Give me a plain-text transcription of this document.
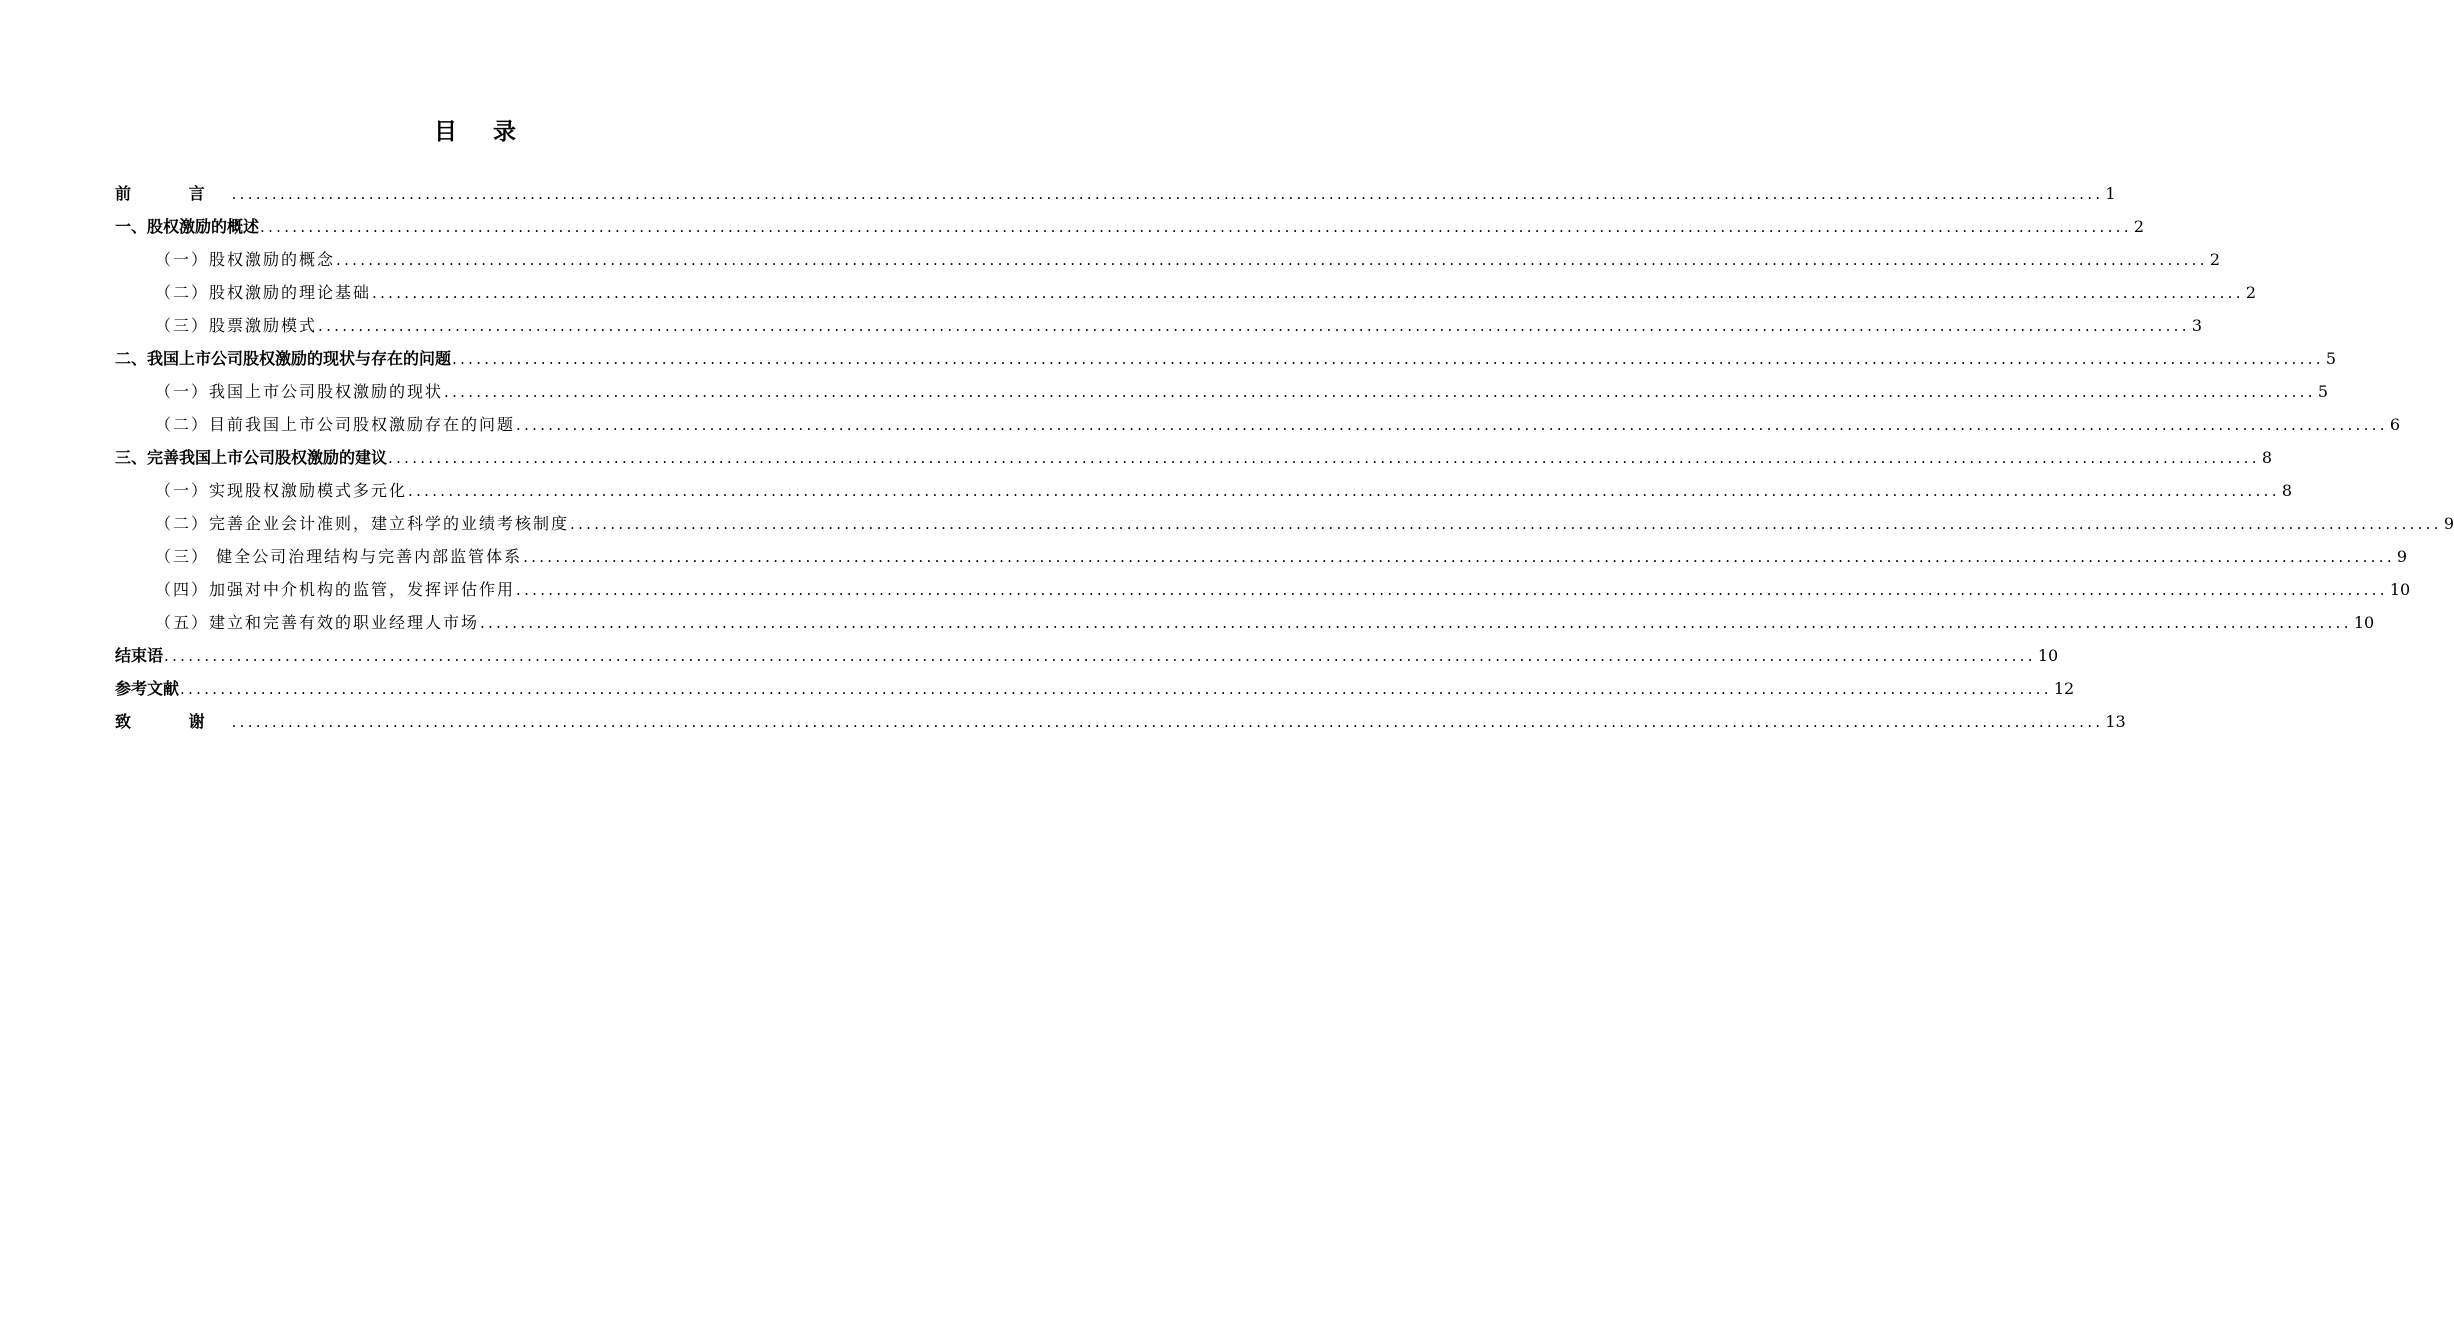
目 录
前 言 ........................................................................................................................................................................................................................................ 1
一、股权激励的概述 ........................................................................................................................................................................................................................................ 2
（一）股权激励的概念 ........................................................................................................................................................................................................................................ 2
（二）股权激励的理论基础 ........................................................................................................................................................................................................................................ 2
（三）股票激励模式 ........................................................................................................................................................................................................................................ 3
二、我国上市公司股权激励的现状与存在的问题 ........................................................................................................................................................................................................................................ 5
（一）我国上市公司股权激励的现状 ........................................................................................................................................................................................................................................ 5
（二）目前我国上市公司股权激励存在的问题 ........................................................................................................................................................................................................................................ 6
三、完善我国上市公司股权激励的建议 ........................................................................................................................................................................................................................................ 8
（一）实现股权激励模式多元化 ........................................................................................................................................................................................................................................ 8
（二）完善企业会计准则，建立科学的业绩考核制度 ........................................................................................................................................................................................................................................ 9
（三） 健全公司治理结构与完善内部监管体系 ........................................................................................................................................................................................................................................ 9
（四）加强对中介机构的监管，发挥评估作用 ........................................................................................................................................................................................................................................ 10
（五）建立和完善有效的职业经理人市场 ........................................................................................................................................................................................................................................ 10
结束语 ........................................................................................................................................................................................................................................ 10
参考文献 ........................................................................................................................................................................................................................................ 12
致 谢 ........................................................................................................................................................................................................................................ 13
